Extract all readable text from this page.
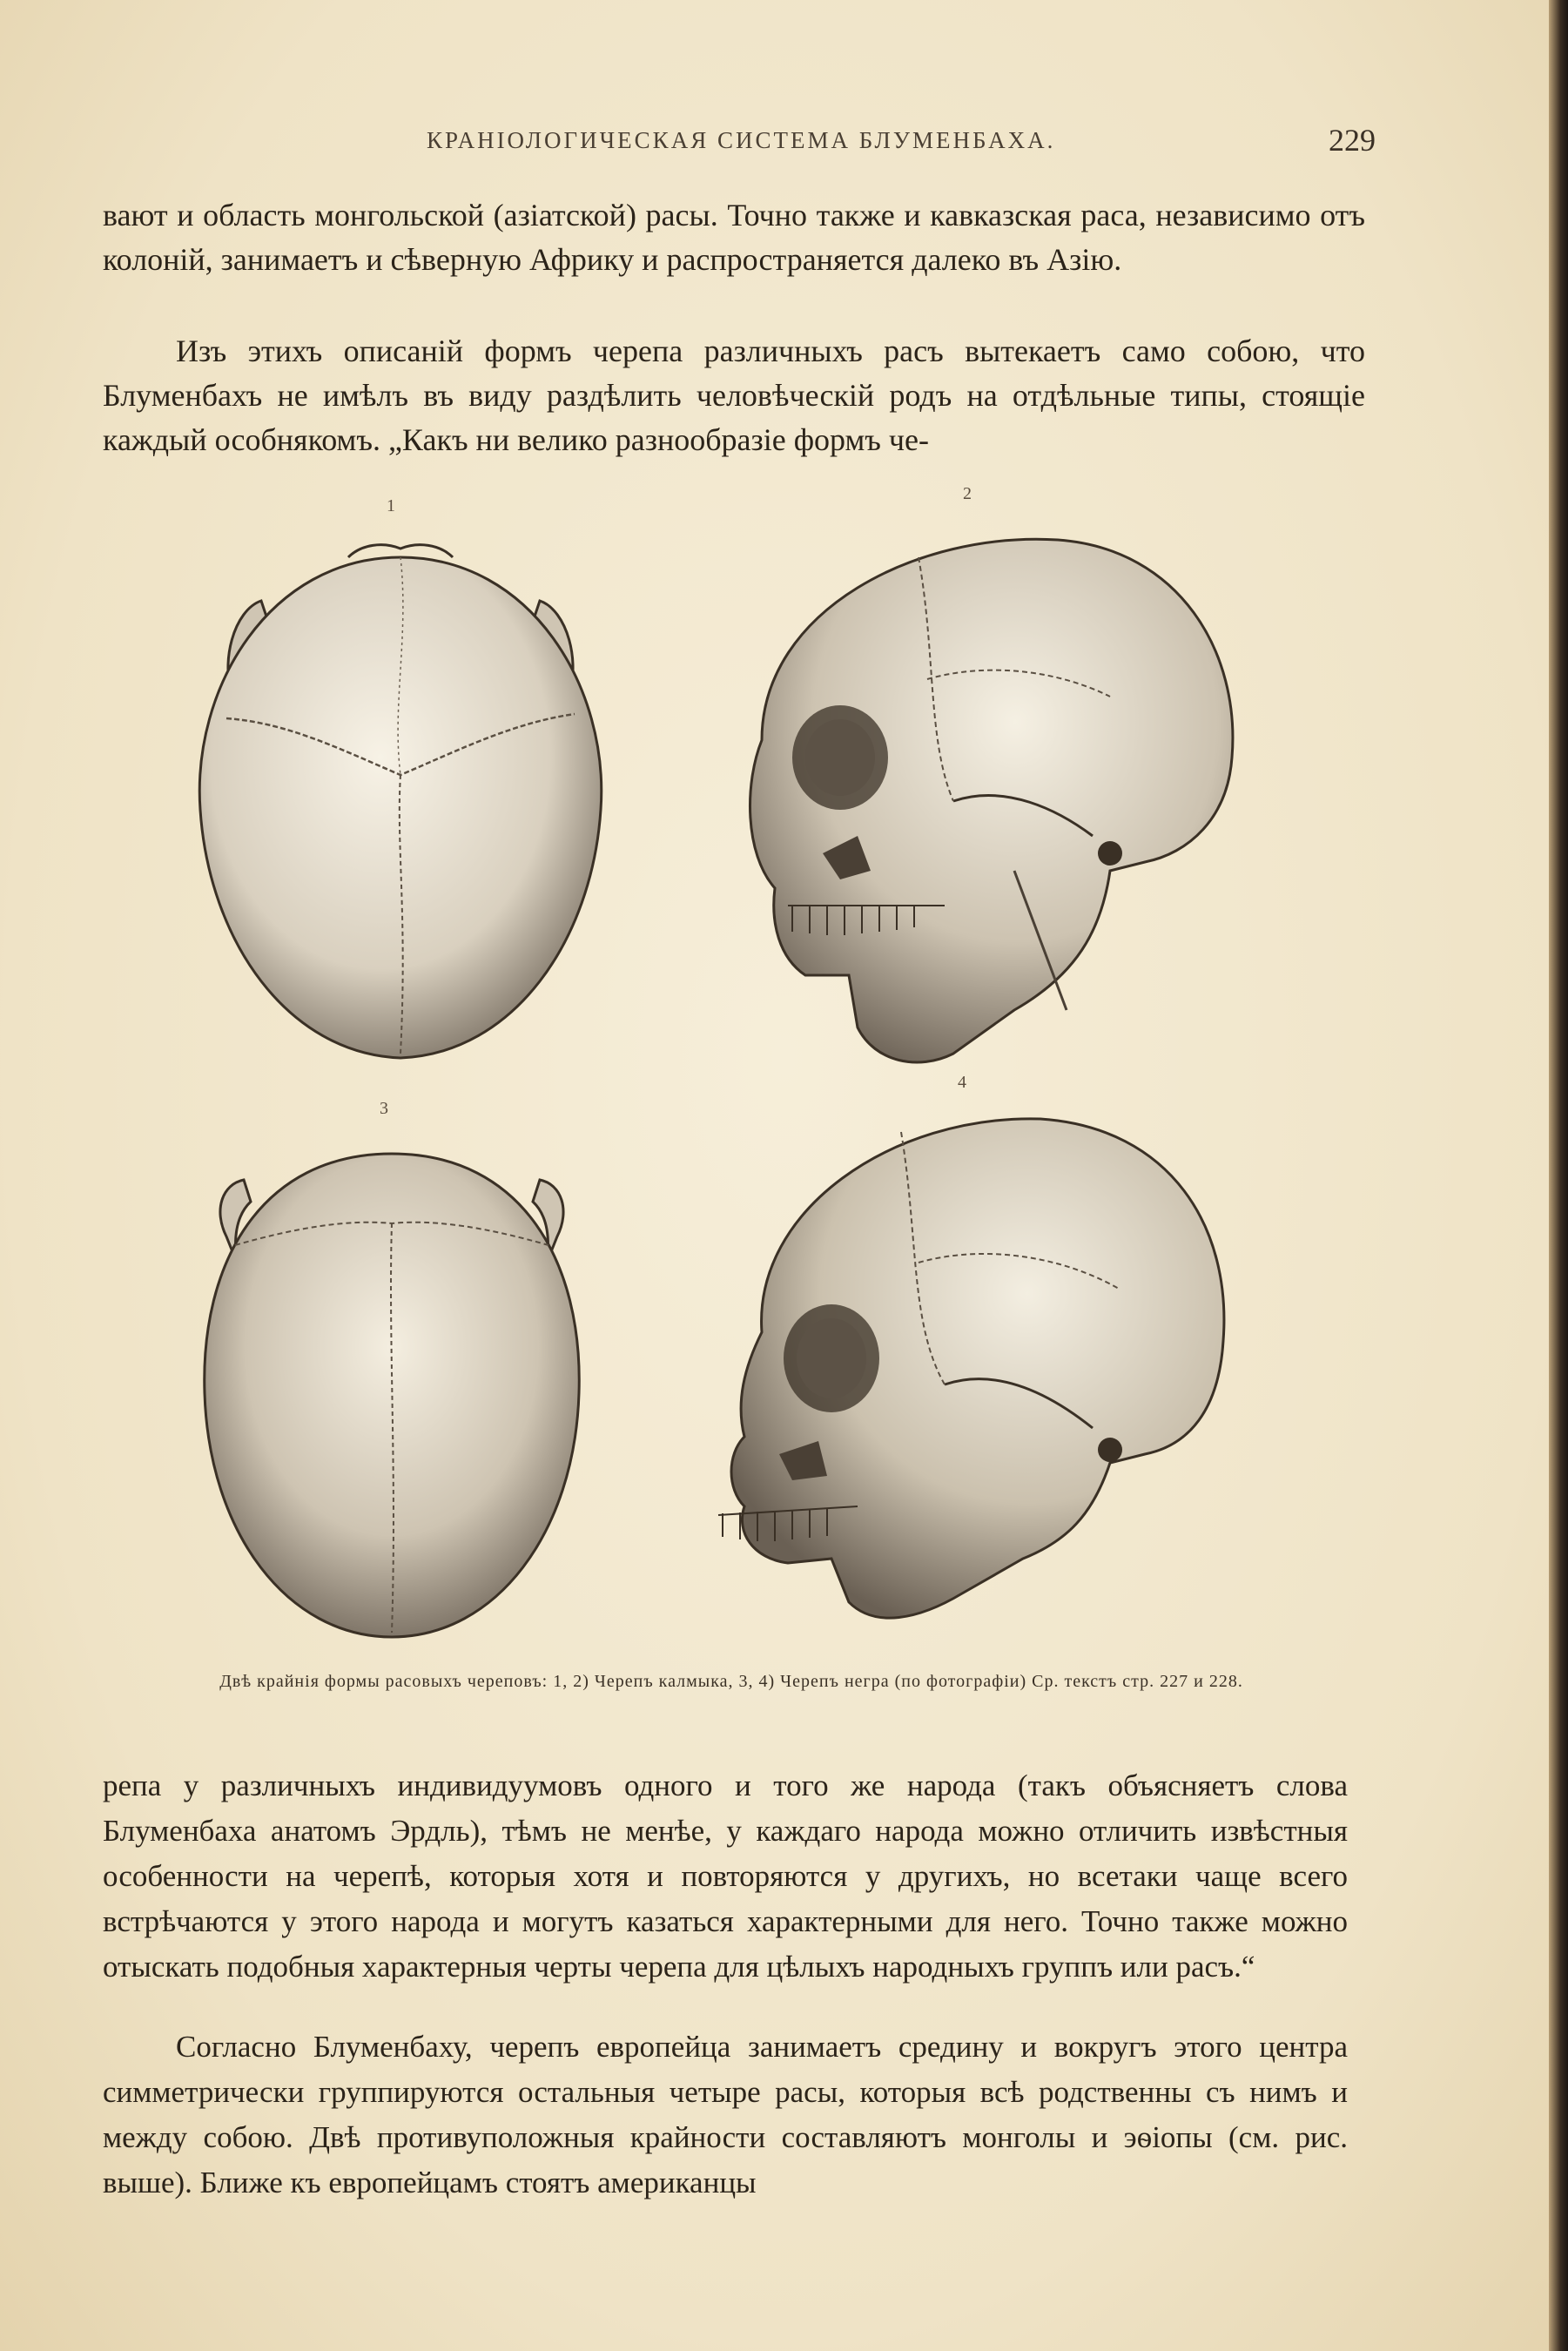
КРАНIОЛОГИЧЕСКАЯ СИСТЕМА БЛУМЕНБАХА.	229

вают и область монгольской (азiатской) расы. Точно также и кавказская раса, независимо отъ колонiй, занимаетъ и сѣверную Африку и распространяется далеко въ Азiю.

Изъ этихъ описанiй формъ черепа различныхъ расъ вытекаетъ само собою, что Блуменбахъ не имѣлъ въ виду раздѣлить человѣческiй родъ на отдѣльные типы, стоящiе каждый особнякомъ. „Какъ ни велико разнообразiе формъ че-

1
2
3
4
Двѣ крайнiя формы расовыхъ череповъ: 1, 2) Черепъ калмыка, 3, 4) Черепъ негра (по фотографiи) Ср. текстъ стр. 227 и 228.

репа у различныхъ индивидуумовъ одного и того же народа (такъ объясняетъ слова Блуменбаха анатомъ Эрдль), тѣмъ не менѣе, у каждаго народа можно отличить извѣстныя особенности на черепѣ, которыя хотя и повторяются у другихъ, но всетаки чаще всего встрѣчаются у этого народа и могутъ казаться характерными для него. Точно также можно отыскать подобныя характерныя черты черепа для цѣлыхъ народныхъ группъ или расъ.“

Согласно Блуменбаху, черепъ европейца занимаетъ средину и вокругъ этого центра симметрически группируются остальныя четыре расы, которыя всѣ родственны съ нимъ и между собою. Двѣ противуположныя крайности составляютъ монголы и эѳiопы (см. рис. выше). Ближе къ европейцамъ стоятъ американцы
